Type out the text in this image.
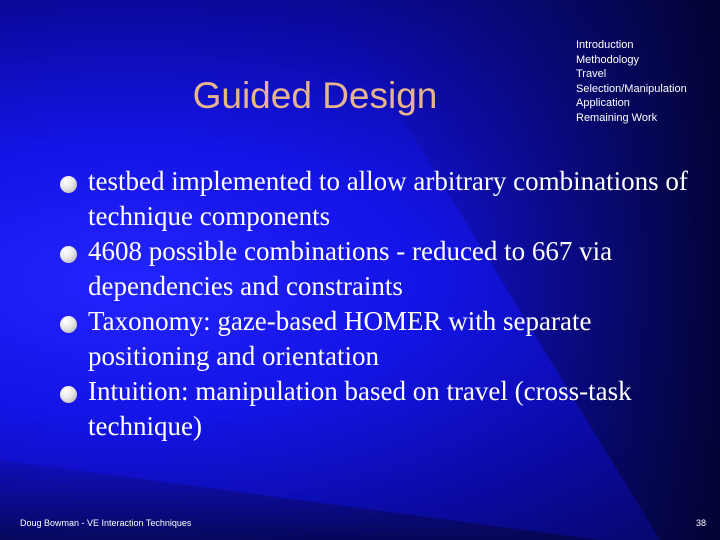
Guided Design
Introduction
Methodology
Travel
Selection/Manipulation
Application
Remaining Work
testbed implemented to allow arbitrary combinations of technique components
4608 possible combinations - reduced to 667 via dependencies and constraints
Taxonomy: gaze-based HOMER with separate positioning and orientation
Intuition: manipulation based on travel (cross-task technique)
Doug Bowman - VE Interaction Techniques	38
